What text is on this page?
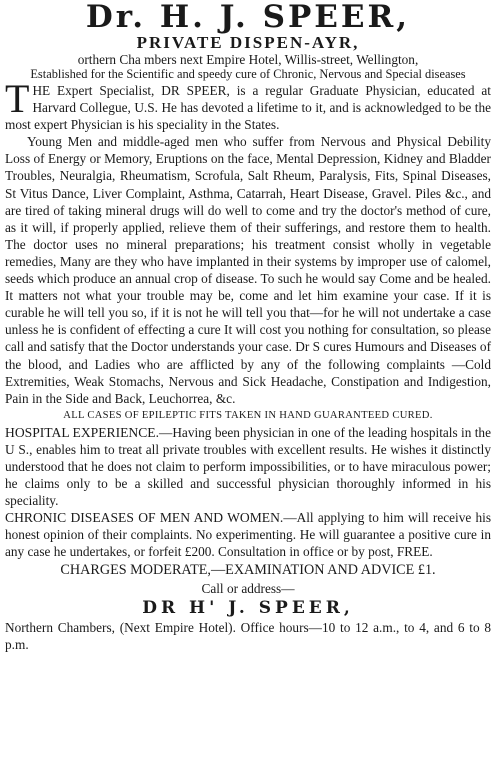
Dr. H. J. SPEER,
PRIVATE DISPEN-AYR,
orthern Cha mbers next Empire Hotel, Willis-street, Wellington,
Established for the Scientific and speedy cure of Chronic, Nervous and Special diseases

THE Expert Specialist, DR SPEER, is a regular Graduate Physician, educated at Harvard Collegue, U.S. He has devoted a lifetime to it, and is acknowledged to be the most expert Physician is his speciality in the States.

Young Men and middle-aged men who suffer from Nervous and Physical Debility Loss of Energy or Memory, Eruptions on the face, Mental Depression, Kidney and Bladder Troubles, Neuralgia, Rheumatism, Scrofula, Salt Rheum, Paralysis, Fits, Spinal Diseases, St Vitus Dance, Liver Complaint, Asthma, Catarrah, Heart Disease, Gravel. Piles &c., and are tired of taking mineral drugs will do well to come and try the doctor's method of cure, as it will, if properly applied, relieve them of their sufferings, and restore them to health. The doctor uses no mineral preparations; his treatment consist wholly in vegetable remedies, Many are they who have implanted in their systems by improper use of calomel, seeds which produce an annual crop of disease. To such he would say Come and be healed. It matters not what your trouble may be, come and let him examine your case. If it is curable he will tell you so, if it is not he will tell you that—for he will not undertake a case unless he is confident of effecting a cure It will cost you nothing for consultation, so please call and satisfy that the Doctor understands your case. Dr S cures Humours and Diseases of the blood, and Ladies who are afflicted by any of the following complaints —Cold Extremities, Weak Stomachs, Nervous and Sick Headache, Constipation and Indigestion, Pain in the Side and Back, Leuchorrea, &c.

ALL CASES OF EPILEPTIC FITS TAKEN IN HAND GUARANTEED CURED.

HOSPITAL EXPERIENCE.—Having been physician in one of the leading hospitals in the U S., enables him to treat all private troubles with excellent results. He wishes it distinctly understood that he does not claim to perform impossibilities, or to have miraculous power; he claims only to be a skilled and successful physician thoroughly informed in his speciality.

CHRONIC DISEASES OF MEN AND WOMEN.—All applying to him will receive his honest opinion of their complaints. No experimenting. He will guarantee a positive cure in any case he undertakes, or forfeit £200. Consultation in office or by post, FREE.

CHARGES MODERATE,—EXAMINATION AND ADVICE £1.
Call or address—
DR H' J. SPEER,

Northern Chambers, (Next Empire Hotel). Office hours—10 to 12 a.m., to 4, and 6 to 8 p.m.
